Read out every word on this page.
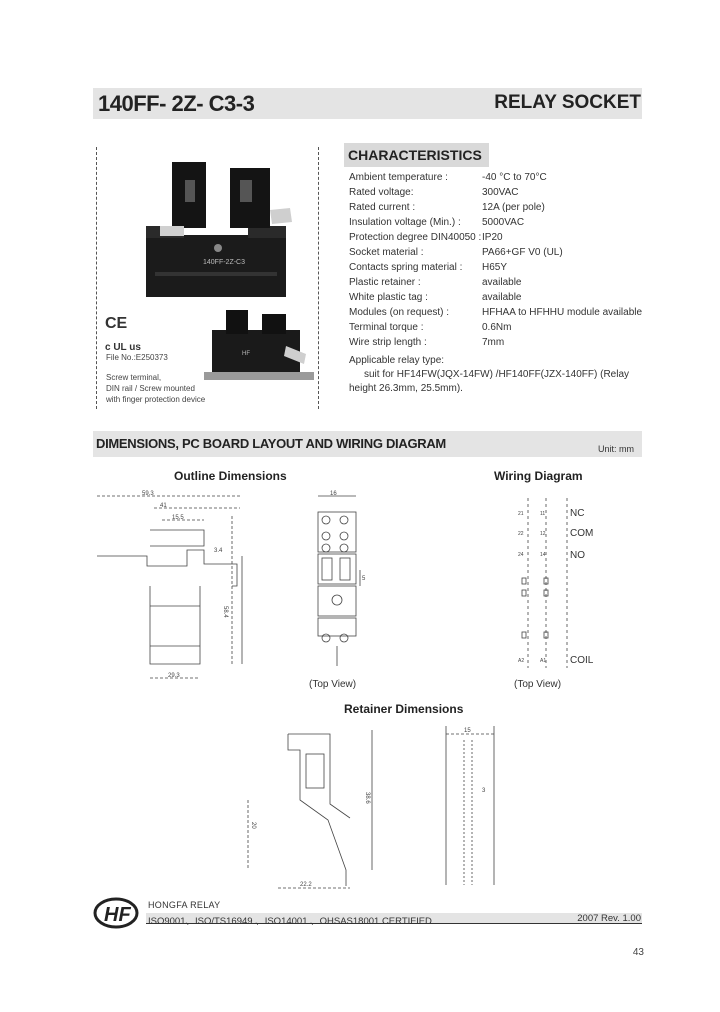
140FF- 2Z- C3-3	RELAY SOCKET
140FF-2Z-C3
CE
c UL us
HF
File No.:E250373
Screw terminal,
DIN rail / Screw mounted
with finger protection device
CHARACTERISTICS
Ambient temperature :	-40 °C to 70°C
Rated voltage:	300VAC
Rated current :	12A (per pole)
Insulation voltage (Min.) : 5000VAC
Protection degree DIN40050 :IP20
Socket material :	PA66+GF V0 (UL)
Contacts spring material : H65Y
Plastic retainer :	available
White plastic tag :	available
Modules (on request) :	HFHAA to HFHHU module available
Terminal torque :	0.6Nm
Wire strip length :	7mm
Applicable relay type:
suit for HF14FW(JQX-14FW) /HF140FF(JZX-140FF) (Relay
height 26.3mm, 25.5mm).
DIMENSIONS, PC BOARD LAYOUT AND WIRING DIAGRAM	Unit: mm
Outline Dimensions	Wiring Diagram
59.3
41
15.5
3.4
58.4
29.3
16
5
(Top View)
21	11
22	12
24	14
A2	A1
NC
COM
NO
COIL
(Top View)
Retainer Dimensions
20
38.6
22.2
15
3
HF HONGFA RELAY
ISO9001、ISO/TS16949 、ISO14001 、OHSAS18001 CERTIFIED	2007 Rev. 1.00
43
